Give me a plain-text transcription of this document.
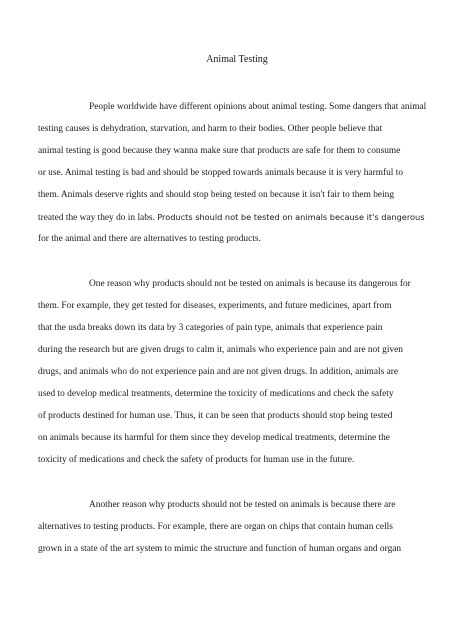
Animal Testing
People worldwide have different opinions about animal testing. Some dangers that animal
testing causes is dehydration, starvation, and harm to their bodies. Other people believe that
animal testing is good because they wanna make sure that products are safe for them to consume
or use. Animal testing is bad and should be stopped towards animals because it is very harmful to
them. Animals deserve rights and should stop being tested on because it isn't fair to them being
treated the way they do in labs. Products should not be tested on animals because it's dangerous
for the animal and there are alternatives to testing products.
One reason why products should not be tested on animals is because its dangerous for
them. For example, they get tested for diseases, experiments, and future medicines, apart from
that the usda breaks down its data by 3 categories of pain type, animals that experience pain
during the research but are given drugs to calm it, animals who experience pain and are not given
drugs, and animals who do not experience pain and are not given drugs. In addition, animals are
used to develop medical treatments, determine the toxicity of medications and check the safety
of products destined for human use. Thus, it can be seen that products should stop being tested
on animals because its harmful for them since they develop medical treatments, determine the
toxicity of medications and check the safety of products for human use in the future.
Another reason why products should not be tested on animals is because there are
alternatives to testing products. For example, there are organ on chips that contain human cells
grown in a state of the art system to mimic the structure and function of human organs and organ
